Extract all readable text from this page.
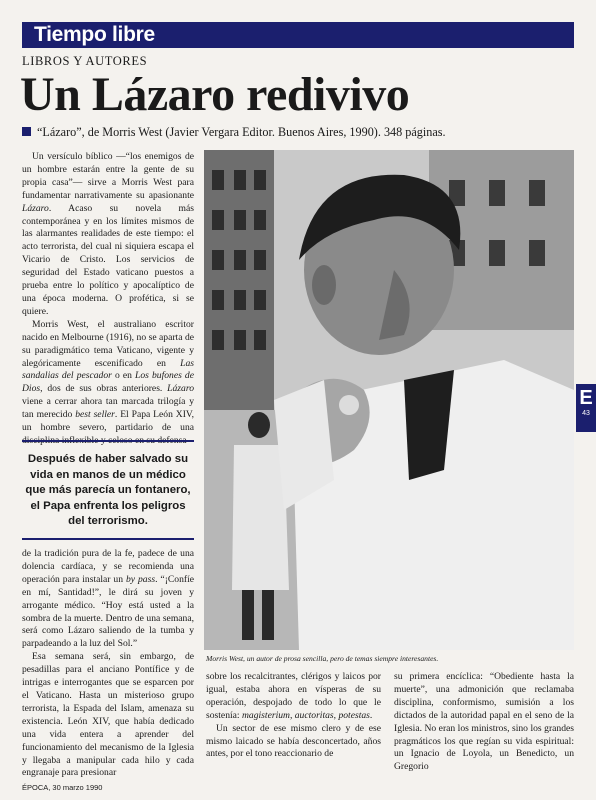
Tiempo libre
LIBROS Y AUTORES
Un Lázaro redivivo
“Lázaro”, de Morris West (Javier Vergara Editor. Buenos Aires, 1990). 348 páginas.

Un versículo bíblico —“los enemigos de un hombre estarán entre la gente de su propia casa”— sirve a Morris West para fundamentar narrativamente su apasionante Lázaro. Acaso su novela más contemporánea y en los límites mismos de las alarmantes realidades de este tiempo: el acto terrorista, del cual ni siquiera escapa el Vicario de Cristo. Los servicios de seguridad del Estado vaticano puestos a prueba entre lo político y apocalíptico de una época moderna. O profética, si se quiere.

Morris West, el australiano escritor nacido en Melbourne (1916), no se aparta de su paradigmático tema Vaticano, vigente y alegóricamente escenificado en Las sandalias del pescador o en Los bufones de Dios, dos de sus obras anteriores. Lázaro viene a cerrar ahora tan marcada trilogía y tan merecido best seller. El Papa León XIV, un hombre severo, partidario de una

Después de haber salvado su vida en manos de un médico que más parecía un fontanero, el Papa enfrenta los peligros del terrorismo.

de la tradición pura de la fe, padece de una dolencia cardíaca, y se recomienda una operación para instalar un by pass. “¡Confíe en mí, Santidad!”, le dirá su joven y arrogante médico. “Hoy está usted a la sombra de la muerte. Dentro de una semana, será como Lázaro saliendo de la tumba y parpadeando a la luz del Sol.”

Esa semana será, sin embargo, de pesadillas para el anciano Pontífice y de intrigas e interrogantes que se esparcen por el Vaticano. Hasta un misterioso grupo terrorista, la Espada del Islam, amenaza su existencia. León XIV, que había dedicado una vida entera a aprender del funcionamiento del mecanismo de la Iglesia y llegaba a manipular cada hilo y cada engranaje para presionar

Morris West, un autor de prosa sencilla, pero de temas siempre interesantes.

sobre los recalcitrantes, clérigos y laicos por igual, estaba ahora en vísperas de su operación, despojado de todo lo que le sostenía: magisterium, auctoritas, potestas.

Un sector de ese mismo clero y de ese mismo laicado se había desconcertado, años antes, por el tono reaccionario de

su primera encíclica: “Obediente hasta la muerte”, una admonición que reclamaba disciplina, conformismo, sumisión a los dictados de la autoridad papal en el seno de la Iglesia. No eran los ministros, sino los grandes pragmáticos los que regían su vida espiritual: un Ignacio de Loyola, un Benedicto, un Gregorio

E
43
ÉPOCA, 30 marzo 1990
